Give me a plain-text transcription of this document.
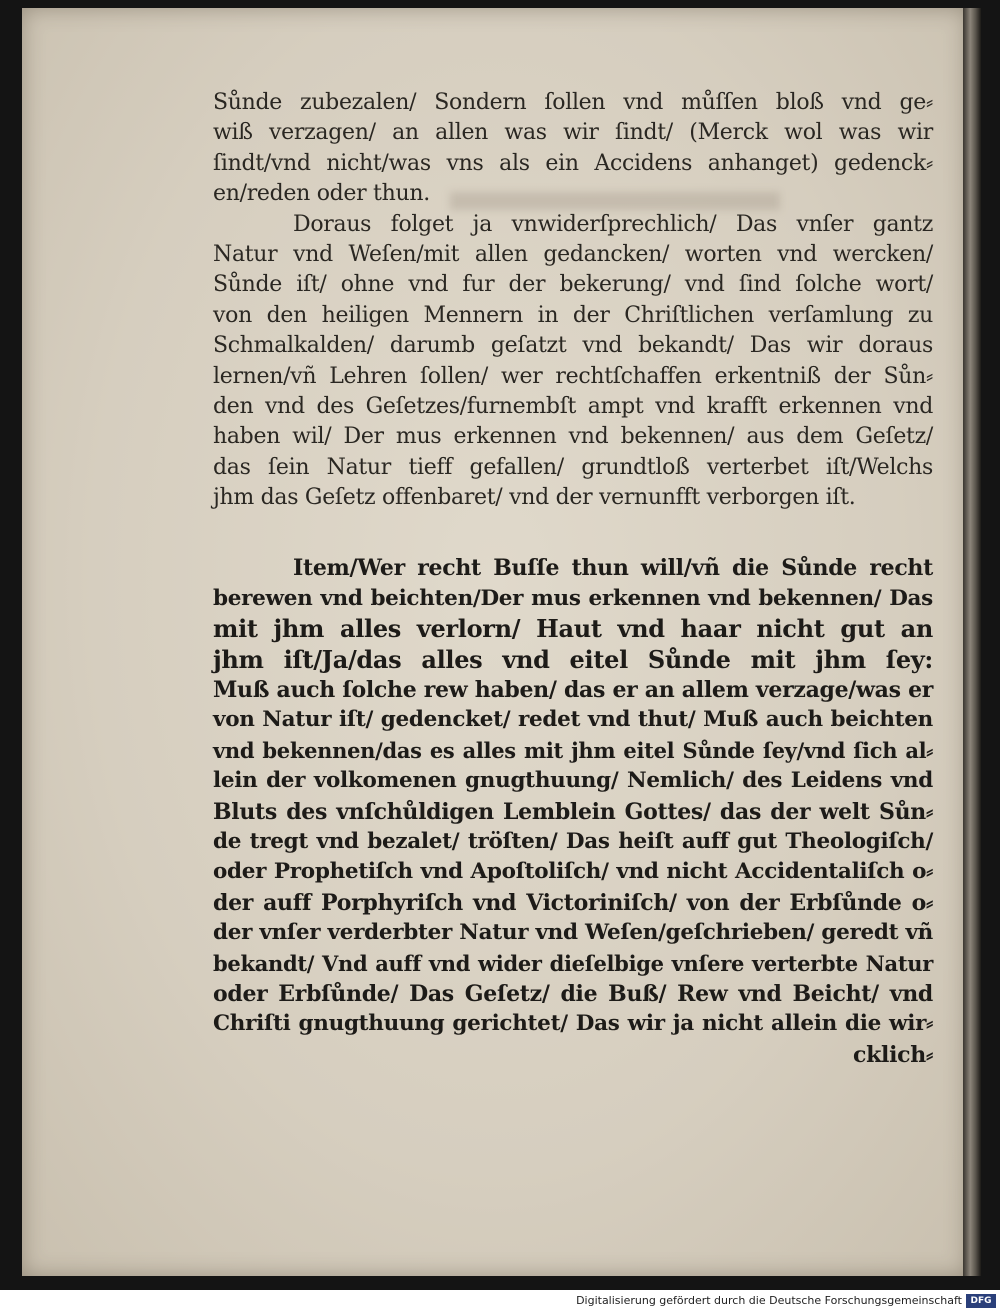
Sůnde zubezalen/ Sondern ſollen vnd můſſen bloß vnd ge⸗
wiß verzagen/ an allen was wir ſindt/ (Merck wol was wir
ſindt/vnd nicht/was vns als ein Accidens anhanget) gedenck⸗
en/reden oder thun.
Doraus folget ja vnwiderſprechlich/ Das vnſer gantz
Natur vnd Weſen/mit allen gedancken/ worten vnd wercken/
Sůnde iſt/ ohne vnd fur der bekerung/ vnd ſind ſolche wort/
von den heiligen Mennern in der Chriſtlichen verſamlung zu
Schmalkalden/ darumb geſatzt vnd bekandt/ Das wir doraus
lernen/vñ Lehren ſollen/ wer rechtſchaffen erkentniß der Sůn⸗
den vnd des Geſetzes/furnembſt ampt vnd krafft erkennen vnd
haben wil/ Der mus erkennen vnd bekennen/ aus dem Geſetz/
das ſein Natur tieff gefallen/ grundtloß verterbet iſt/Welchs
jhm das Geſetz offenbaret/ vnd der vernunfft verborgen iſt.
Item/Wer recht Buſſe thun will/vñ die Sůnde recht
berewen vnd beichten/Der mus erkennen vnd bekennen/ Das
mit jhm alles verlorn/ Haut vnd haar nicht gut an
jhm iſt/Ja/das alles vnd eitel Sůnde mit jhm ſey:
Muß auch ſolche rew haben/ das er an allem verzage/was er
von Natur iſt/ gedencket/ redet vnd thut/ Muß auch beichten
vnd bekennen/das es alles mit jhm eitel Sůnde ſey/vnd ſich al⸗
lein der volkomenen gnugthuung/ Nemlich/ des Leidens vnd
Bluts des vnſchůldigen Lemblein Gottes/ das der welt Sůn⸗
de tregt vnd bezalet/ tröſten/ Das heiſt auff gut Theologiſch/
oder Prophetiſch vnd Apoſtoliſch/ vnd nicht Accidentaliſch o⸗
der auff Porphyriſch vnd Victoriniſch/ von der Erbſůnde o⸗
der vnſer verderbter Natur vnd Weſen/geſchrieben/ geredt vñ
bekandt/ Vnd auff vnd wider dieſelbige vnſere verterbte Natur
oder Erbſůnde/ Das Geſetz/ die Buß/ Rew vnd Beicht/ vnd
Chriſti gnugthuung gerichtet/ Das wir ja nicht allein die wir⸗
cklich⸗
Digitalisierung gefördert durch die Deutsche Forschungsgemeinschaft DFG
